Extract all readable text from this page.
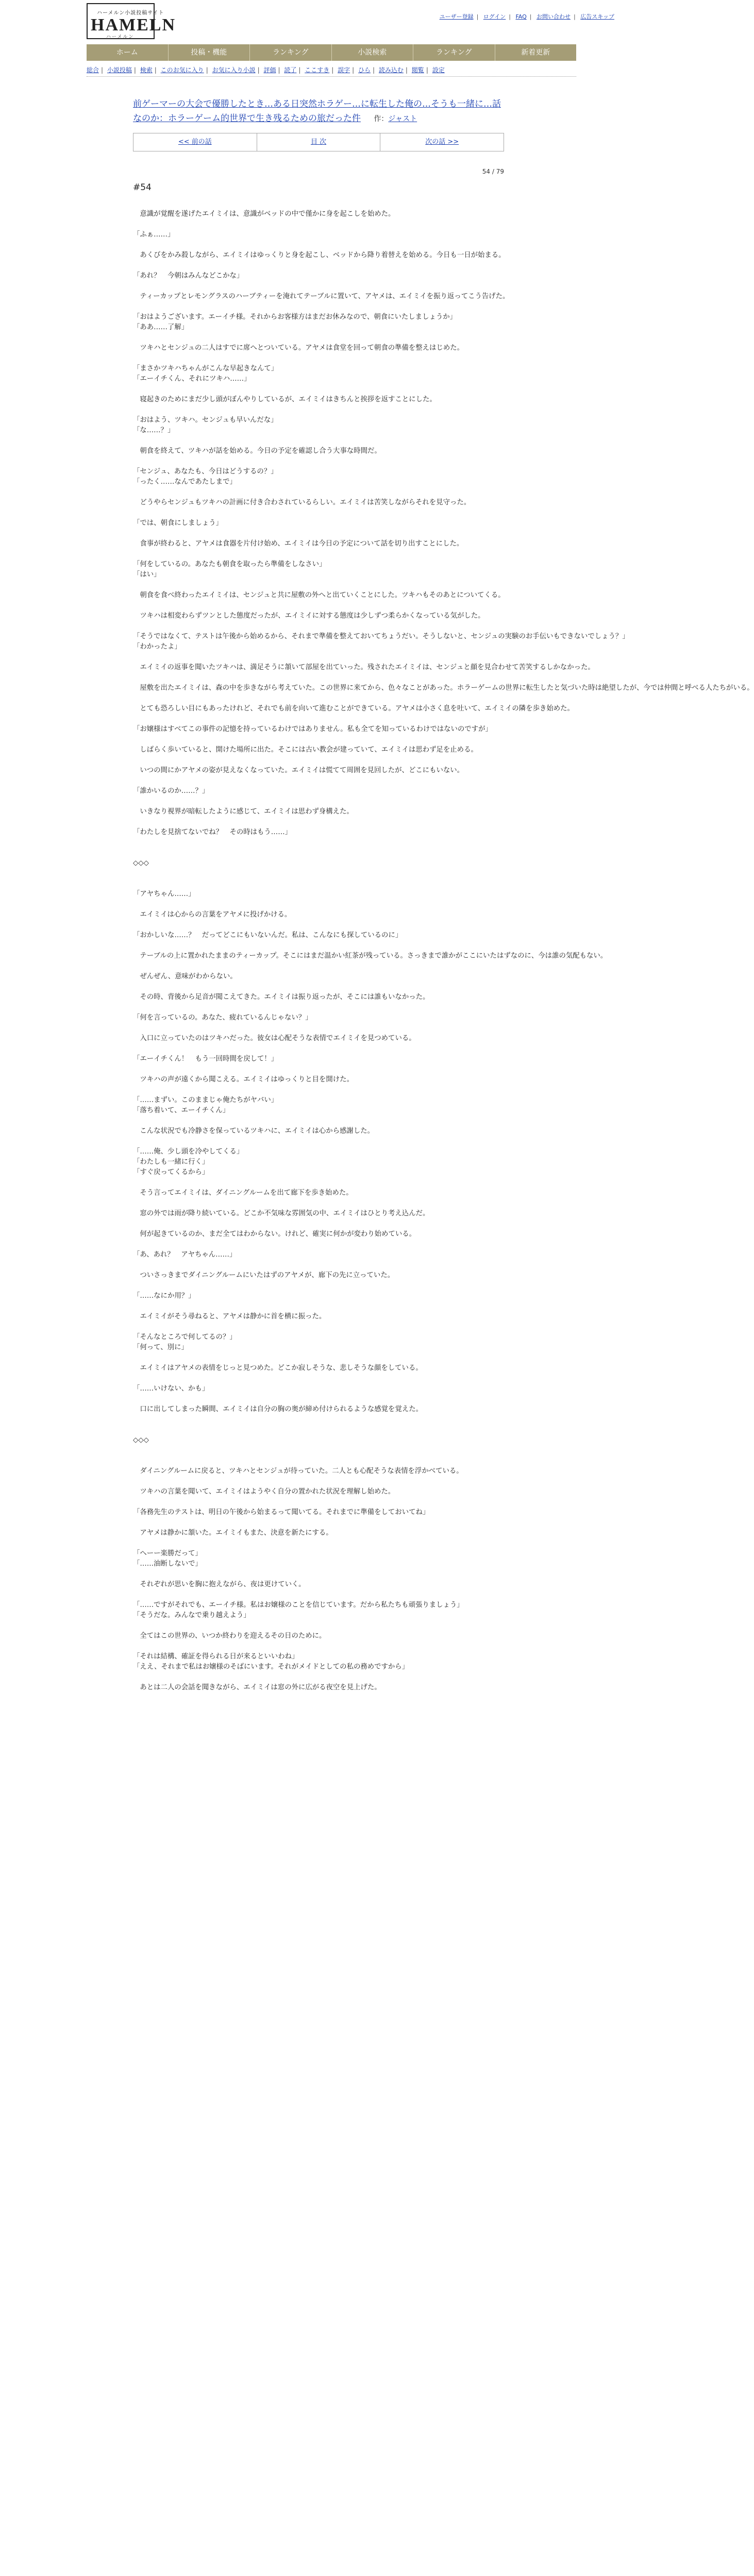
ハーメルン小説投稿サイト
HAMELN
ハーメルン
ユーザー登録 | ログイン | FAQ | お問い合わせ | 広告スキップ
ホーム	投稿・機能	ランキング	小説検索	ランキング	新着更新
総合 | 小説投稿 | 検索 | このお気に入り | お気に入り小説 | 評価 | 読了 | ここすき | 誤字 | ひら | 読み込む | 閲覧 | 設定
前ゲーマーの大会で優勝したとき…ある日突然ホラゲー…に転生した俺の…そうも一緒に…話なのか：ホラーゲーム的世界で生き残るための旅だった件 作：ジャスト
<< 前の話	目 次	次の話 >>
54 / 79
#54
　意識が覚醒を遂げたエイミイは、意識がベッドの中で僅かに身を起こしを始めた。
「ふぁ……」
　あくびをかみ殺しながら、エイミイはゆっくりと身を起こし、ベッドから降り着替えを始める。今日も一日が始まる。
「あれ？　今朝はみんなどこかな」
　ティーカップとレモングラスのハーブティーを淹れてテーブルに置いて、アヤメは、エイミイを振り返ってこう告げた。
「おはようございます。エーイチ様。それからお客様方はまだお休みなので、朝食にいたしましょうか」
「ああ……了解」
　ツキハとセンジュの二人はすでに席へとついている。アヤメは食堂を回って朝食の準備を整えはじめた。
「まさかツキハちゃんがこんな早起きなんて」
「エーイチくん、それにツキハ……」
　寝起きのためにまだ少し頭がぼんやりしているが、エイミイはきちんと挨拶を返すことにした。
「おはよう、ツキハ。センジュも早いんだな」
「な……？」
　朝食を終えて、ツキハが話を始める。今日の予定を確認し合う大事な時間だ。
「センジュ、あなたも、今日はどうするの？」
「ったく……なんであたしまで」
　どうやらセンジュもツキハの計画に付き合わされているらしい。エイミイは苦笑しながらそれを見守った。
「では、朝食にしましょう」
　食事が終わると、アヤメは食器を片付け始め、エイミイは今日の予定について話を切り出すことにした。
「何をしているの。あなたも朝食を取ったら準備をしなさい」
「はい」
　朝食を食べ終わったエイミイは、センジュと共に屋敷の外へと出ていくことにした。ツキハもそのあとについてくる。
　ツキハは相変わらずツンとした態度だったが、エイミイに対する態度は少しずつ柔らかくなっている気がした。
「そうではなくて、テストは午後から始めるから、それまで準備を整えておいてちょうだい。そうしないと、センジュの実験のお手伝いもできないでしょう？」
「わかったよ」
　エイミイの返事を聞いたツキハは、満足そうに頷いて部屋を出ていった。残されたエイミイは、センジュと顔を見合わせて苦笑するしかなかった。
　屋敷を出たエイミイは、森の中を歩きながら考えていた。この世界に来てから、色々なことがあった。ホラーゲームの世界に転生したと気づいた時は絶望したが、今では仲間と呼べる人たちがいる。
　とても恐ろしい目にもあったけれど、それでも前を向いて進むことができている。アヤメは小さく息を吐いて、エイミイの隣を歩き始めた。
「お嬢様はすべてこの事件の記憶を持っているわけではありません。私も全てを知っているわけではないのですが」
　しばらく歩いていると、開けた場所に出た。そこには古い教会が建っていて、エイミイは思わず足を止める。
　いつの間にかアヤメの姿が見えなくなっていた。エイミイは慌てて周囲を見回したが、どこにもいない。
「誰かいるのか……？」
　いきなり視界が暗転したように感じて、エイミイは思わず身構えた。
「わたしを見捨てないでね？　その時はもう……」
◇◇◇
「アヤちゃん……」
　エイミイは心からの言葉をアヤメに投げかける。
「おかしいな……？　だってどこにもいないんだ。私は、こんなにも探しているのに」
　テーブルの上に置かれたままのティーカップ。そこにはまだ温かい紅茶が残っている。さっきまで誰かがここにいたはずなのに、今は誰の気配もない。
　ぜんぜん、意味がわからない。
　その時、背後から足音が聞こえてきた。エイミイは振り返ったが、そこには誰もいなかった。
「何を言っているの。あなた、疲れているんじゃない？」
　入口に立っていたのはツキハだった。彼女は心配そうな表情でエイミイを見つめている。
「エーイチくん！　もう一回時間を戻して！」
　ツキハの声が遠くから聞こえる。エイミイはゆっくりと目を開けた。
「……まずい。このままじゃ俺たちがヤバい」
「落ち着いて、エーイチくん」
　こんな状況でも冷静さを保っているツキハに、エイミイは心から感謝した。
「……俺、少し頭を冷やしてくる」
「わたしも一緒に行く」
「すぐ戻ってくるから」
　そう言ってエイミイは、ダイニングルームを出て廊下を歩き始めた。
　窓の外では雨が降り続いている。どこか不気味な雰囲気の中、エイミイはひとり考え込んだ。
　何が起きているのか、まだ全てはわからない。けれど、確実に何かが変わり始めている。
「あ、あれ？　アヤちゃん……」
　ついさっきまでダイニングルームにいたはずのアヤメが、廊下の先に立っていた。
「……なにか用？」
　エイミイがそう尋ねると、アヤメは静かに首を横に振った。
「そんなところで何してるの？」
「何って、別に」
　エイミイはアヤメの表情をじっと見つめた。どこか寂しそうな、悲しそうな顔をしている。
「……いけない、かも」
　口に出してしまった瞬間、エイミイは自分の胸の奥が締め付けられるような感覚を覚えた。
◇◇◇
　ダイニングルームに戻ると、ツキハとセンジュが待っていた。二人とも心配そうな表情を浮かべている。
　ツキハの言葉を聞いて、エイミイはようやく自分の置かれた状況を理解し始めた。
「各務先生のテストは、明日の午後から始まるって聞いてる。それまでに準備をしておいてね」
　アヤメは静かに頷いた。エイミイもまた、決意を新たにする。
「へーー楽勝だって」
「……油断しないで」
　それぞれが思いを胸に抱えながら、夜は更けていく。
「……ですがそれでも、エーイチ様。私はお嬢様のことを信じています。だから私たちも頑張りましょう」
「そうだな。みんなで乗り越えよう」
　全てはこの世界の、いつか終わりを迎えるその日のために。
「それは結構、確証を得られる日が来るといいわね」
「ええ、それまで私はお嬢様のそばにいます。それがメイドとしての私の務めですから」
　あとは二人の会話を聞きながら、エイミイは窓の外に広がる夜空を見上げた。
